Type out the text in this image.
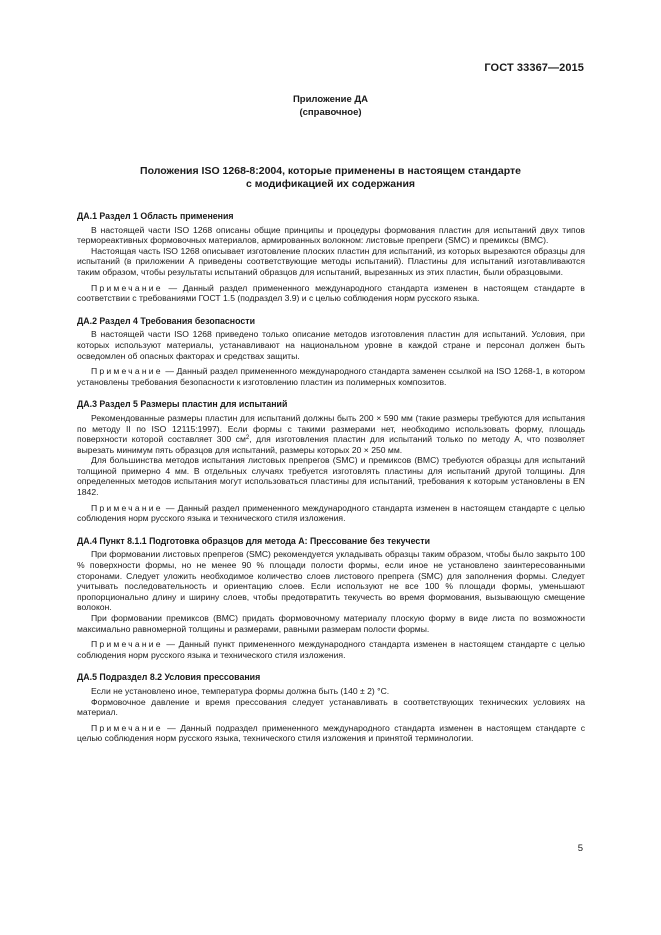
ГОСТ 33367—2015
Приложение ДА
(справочное)
Положения ISO 1268-8:2004, которые применены в настоящем стандарте
с модификацией их содержания

ДА.1 Раздел 1 Область применения

В настоящей части ISO 1268 описаны общие принципы и процедуры формования пластин для испытаний двух типов термореактивных формовочных материалов, армированных волокном: листовые препреги (SMC) и премиксы (BMC).

Настоящая часть ISO 1268 описывает изготовление плоских пластин для испытаний, из которых вырезаются образцы для испытаний (в приложении А приведены соответствующие методы испытаний). Пластины для испытаний изготавливаются таким образом, чтобы результаты испытаний образцов для испытаний, вырезанных из этих пластин, были образцовыми.

Примечание — Данный раздел примененного международного стандарта изменен в настоящем стандарте в соответствии с требованиями ГОСТ 1.5 (подраздел 3.9) и с целью соблюдения норм русского языка.

ДА.2 Раздел 4 Требования безопасности

В настоящей части ISO 1268 приведено только описание методов изготовления пластин для испытаний. Условия, при которых используют материалы, устанавливают на национальном уровне в каждой стране и персонал должен быть осведомлен об опасных факторах и средствах защиты.

Примечание — Данный раздел примененного международного стандарта заменен ссылкой на ISO 1268-1, в котором установлены требования безопасности к изготовлению пластин из полимерных композитов.

ДА.3 Раздел 5 Размеры пластин для испытаний

Рекомендованные размеры пластин для испытаний должны быть 200 × 590 мм (такие размеры требуются для испытания по методу II по ISO 12115:1997). Если формы с такими размерами нет, необходимо использовать форму, площадь поверхности которой составляет 300 $см^2$, для изготовления пластин для испытаний только по методу А, что позволяет вырезать минимум пять образцов для испытаний, размеры которых 20 × 250 мм.

Для большинства методов испытания листовых препрегов (SMC) и премиксов (BMC) требуются образцы для испытаний толщиной примерно 4 мм. В отдельных случаях требуется изготовлять пластины для испытаний другой толщины. Для определенных методов испытания могут использоваться пластины для испытаний, требования к которым установлены в EN 1842.

Примечание — Данный раздел примененного международного стандарта изменен в настоящем стандарте с целью соблюдения норм русского языка и технического стиля изложения.

ДА.4 Пункт 8.1.1 Подготовка образцов для метода А: Прессование без текучести

При формовании листовых препрегов (SMC) рекомендуется укладывать образцы таким образом, чтобы было закрыто 100 % поверхности формы, но не менее 90 % площади полости формы, если иное не установлено заинтересованными сторонами. Следует уложить необходимое количество слоев листового препрега (SMC) для заполнения формы. Следует учитывать последовательность и ориентацию слоев. Если используют не все 100 % площади формы, уменьшают пропорционально длину и ширину слоев, чтобы предотвратить текучесть во время формования, вызывающую смещение волокон.

При формовании премиксов (BMC) придать формовочному материалу плоскую форму в виде листа по возможности максимально равномерной толщины и размерами, равными размерам полости формы.

Примечание — Данный пункт примененного международного стандарта изменен в настоящем стандарте с целью соблюдения норм русского языка и технического стиля изложения.

ДА.5 Подраздел 8.2 Условия прессования

Если не установлено иное, температура формы должна быть (140 ± 2) °С.

Формовочное давление и время прессования следует устанавливать в соответствующих технических условиях на материал.

Примечание — Данный подраздел примененного международного стандарта изменен в настоящем стандарте с целью соблюдения норм русского языка, технического стиля изложения и принятой терминологии.

5
